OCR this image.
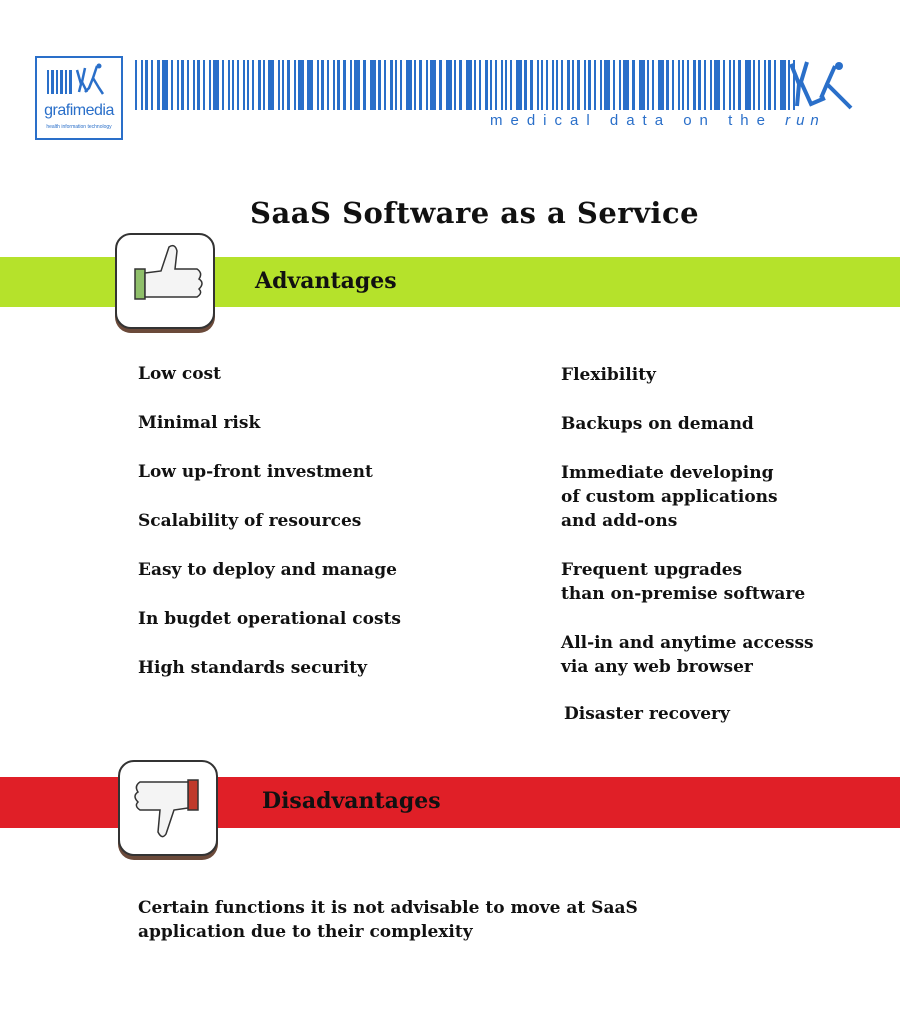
grafimedia
health information technology	medical data on the run
SaaS Software as a Service
Advantages
Low cost
Minimal risk
Low up-front investment
Scalability of resources
Easy to deploy and manage
In bugdet operational costs
High standards security
Flexibility
Backups on demand
Immediate developing
of custom applications
and add-ons
Frequent upgrades
than on-premise software
All-in and anytime accesss
via any web browser
Disaster recovery
Disadvantages
Certain functions it is not advisable to move at SaaS
application due to their complexity
